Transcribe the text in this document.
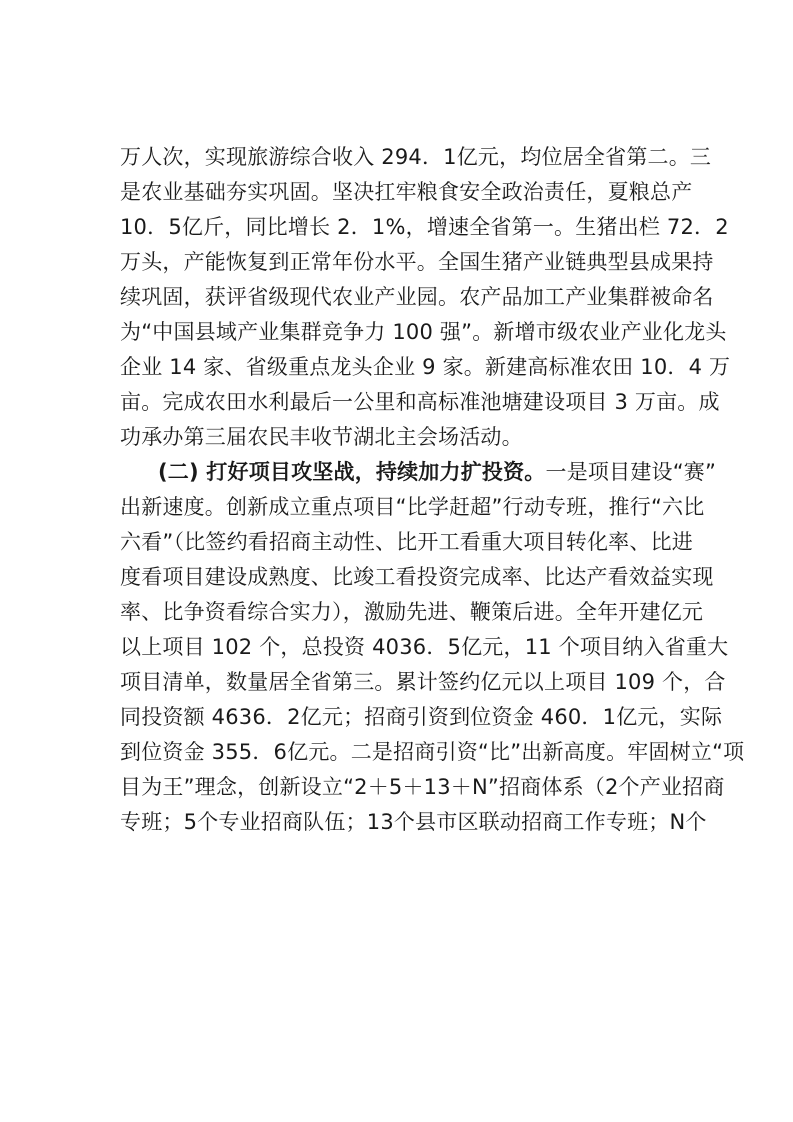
万人次，实现旅游综合收入 294．1亿元，均位居全省第二。三
是农业基础夯实巩固。坚决扛牢粮食安全政治责任，夏粮总产
10．5亿斤，同比增长 2．1%，增速全省第一。生猪出栏 72．2
万头，产能恢复到正常年份水平。全国生猪产业链典型县成果持
续巩固，获评省级现代农业产业园。农产品加工产业集群被命名
为“中国县域产业集群竞争力 100 强”。新增市级农业产业化龙头
企业 14 家、省级重点龙头企业 9 家。新建高标准农田 10．4 万
亩。完成农田水利最后一公里和高标准池塘建设项目 3 万亩。成
功承办第三届农民丰收节湖北主会场活动。
(二) 打好项目攻坚战，持续加力扩投资。一是项目建设“赛”
出新速度。创新成立重点项目“比学赶超”行动专班，推行“六比
六看”（比签约看招商主动性、比开工看重大项目转化率、比进
度看项目建设成熟度、比竣工看投资完成率、比达产看效益实现
率、比争资看综合实力），激励先进、鞭策后进。全年开建亿元
以上项目 102 个，总投资 4036．5亿元，11 个项目纳入省重大
项目清单，数量居全省第三。累计签约亿元以上项目 109 个，合
同投资额 4636．2亿元；招商引资到位资金 460．1亿元，实际
到位资金 355．6亿元。二是招商引资“比”出新高度。牢固树立“项
目为王”理念，创新设立“2＋5＋13＋N”招商体系（2个产业招商
专班；5个专业招商队伍；13个县市区联动招商工作专班；N个
